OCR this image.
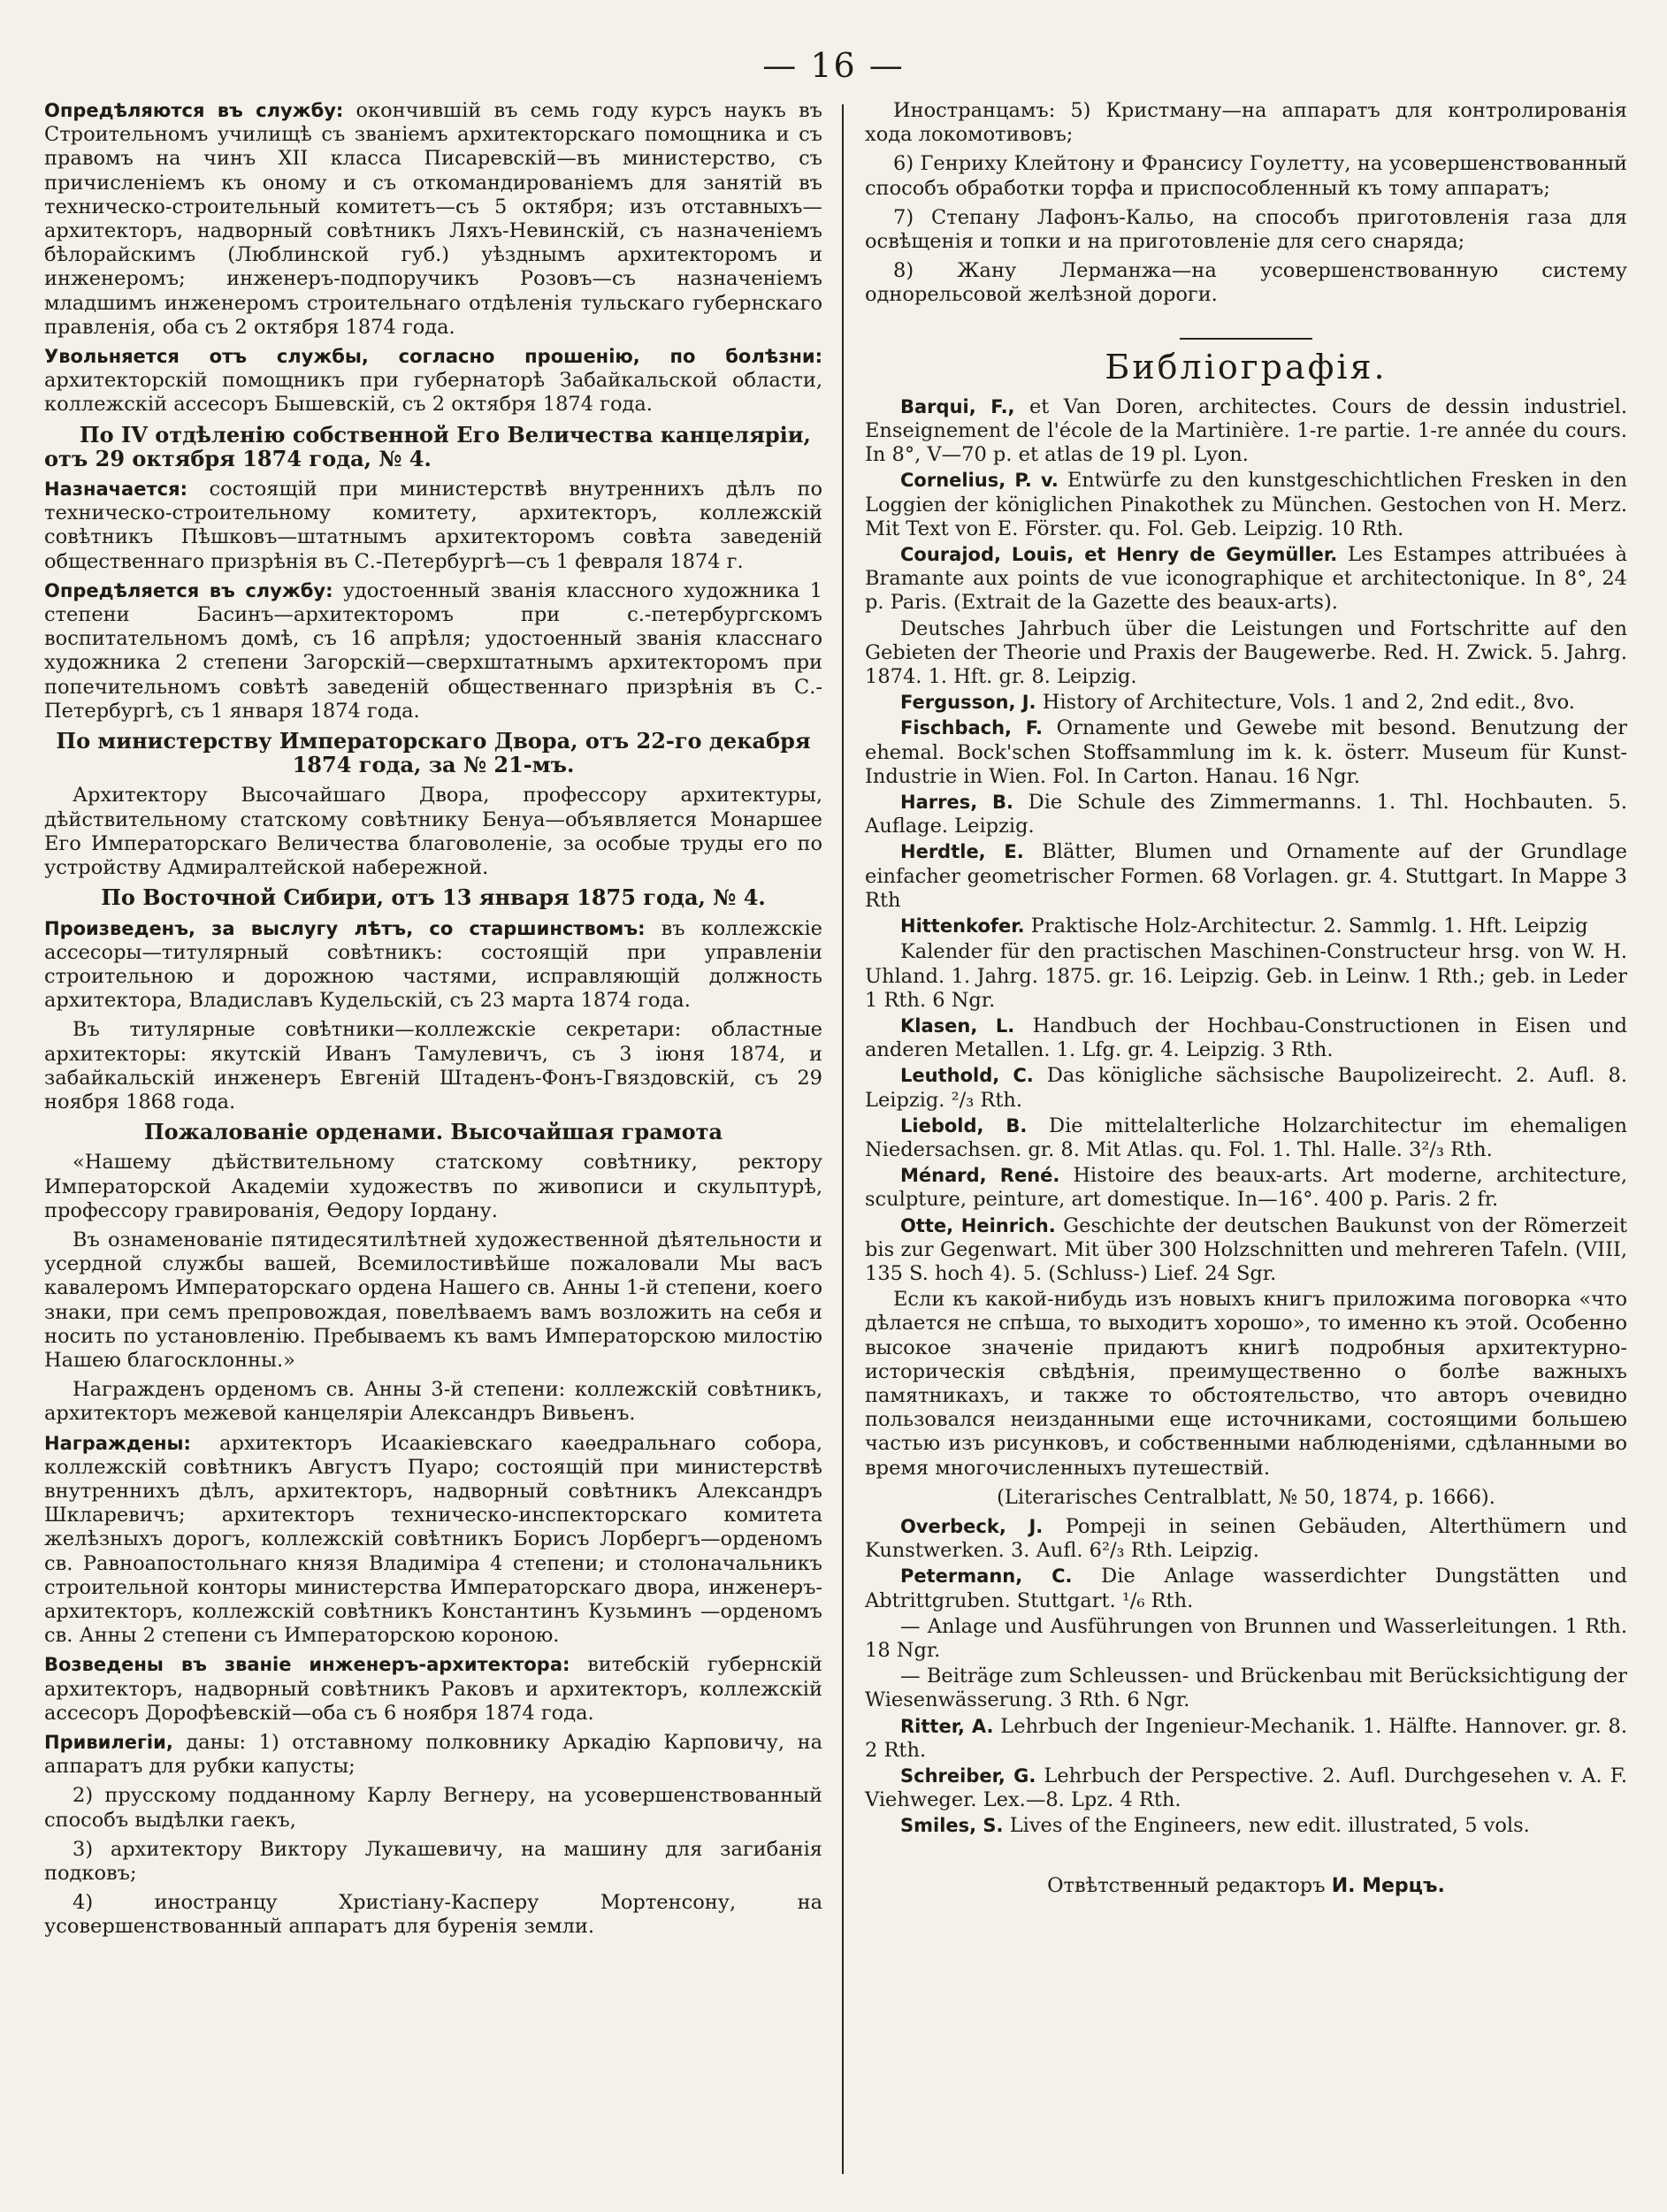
— 16 —

Опредѣляются въ службу: окончившій въ семь году курсъ наукъ въ Строительномъ училищѣ съ званіемъ архитекторскаго помощника и съ правомъ на чинъ XII класса Писаревскій—въ министерство, съ причисленіемъ къ оному и съ откомандированіемъ для занятій въ техническо-строительный комитетъ—съ 5 октября; изъ отставныхъ—архитекторъ, надворный совѣтникъ Ляхъ-Невинскій, съ назначеніемъ бѣлорайскимъ (Люблинской губ.) уѣзднымъ архитекторомъ и инженеромъ; инженеръ-подпоручикъ Розовъ—съ назначеніемъ младшимъ инженеромъ строительнаго отдѣленія тульскаго губернскаго правленія, оба съ 2 октября 1874 года.

Увольняется отъ службы, согласно прошенію, по болѣзни: архитекторскій помощникъ при губернаторѣ Забайкальской области, коллежскій ассесоръ Бышевскій, съ 2 октября 1874 года.

По IV отдѣленію собственной Его Величества канцеляріи, отъ 29 октября 1874 года, № 4.

Назначается: состоящій при министерствѣ внутреннихъ дѣлъ по техническо-строительному комитету, архитекторъ, коллежскій совѣтникъ Пѣшковъ—штатнымъ архитекторомъ совѣта заведеній общественнаго призрѣнія въ С.-Петербургѣ—съ 1 февраля 1874 г.

Опредѣляется въ службу: удостоенный званія классного художника 1 степени Басинъ—архитекторомъ при с.-петербургскомъ воспитательномъ домѣ, съ 16 апрѣля; удостоенный званія класснаго художника 2 степени Загорскій—сверхштатнымъ архитекторомъ при попечительномъ совѣтѣ заведеній общественнаго призрѣнія въ С.-Петербургѣ, съ 1 января 1874 года.

По министерству Императорскаго Двора, отъ 22-го декабря 1874 года, за № 21-мъ.

Архитектору Высочайшаго Двора, профессору архитектуры, дѣйствительному статскому совѣтнику Бенуа—объявляется Монаршее Его Императорскаго Величества благоволеніе, за особые труды его по устройству Адмиралтейской набережной.

По Восточной Сибири, отъ 13 января 1875 года, № 4.

Произведенъ, за выслугу лѣтъ, со старшинствомъ: въ коллежскіе ассесоры—титулярный совѣтникъ: состоящій при управленіи строительною и дорожною частями, исправляющій должность архитектора, Владиславъ Кудельскій, съ 23 марта 1874 года.

Въ титулярные совѣтники—коллежскіе секретари: областные архитекторы: якутскій Иванъ Тамулевичъ, съ 3 іюня 1874, и забайкальскій инженеръ Евгеній Штаденъ-Фонъ-Гвяздовскій, съ 29 ноября 1868 года.

Пожалованіе орденами. Высочайшая грамота

«Нашему дѣйствительному статскому совѣтнику, ректору Императорской Академіи художествъ по живописи и скульптурѣ, профессору гравированія, Ѳедору Іордану.

Въ ознаменованіе пятидесятилѣтней художественной дѣятельности и усердной службы вашей, Всемилостивѣйше пожаловали Мы васъ кавалеромъ Императорскаго ордена Нашего св. Анны 1-й степени, коего знаки, при семъ препровождая, повелѣваемъ вамъ возложить на себя и носить по установленію. Пребываемъ къ вамъ Императорскою милостію Нашею благосклонны.»

Награжденъ орденомъ св. Анны 3-й степени: коллежскій совѣтникъ, архитекторъ межевой канцеляріи Александръ Вивьенъ.

Награждены: архитекторъ Исаакіевскаго каѳедральнаго собора, коллежскій совѣтникъ Августъ Пуаро; состоящій при министерствѣ внутреннихъ дѣлъ, архитекторъ, надворный совѣтникъ Александръ Шкларевичъ; архитекторъ техническо-инспекторскаго комитета желѣзныхъ дорогъ, коллежскій совѣтникъ Борисъ Лорбергъ—орденомъ св. Равноапостольнаго князя Владиміра 4 степени; и столоначальникъ строительной конторы министерства Императорскаго двора, инженеръ-архитекторъ, коллежскій совѣтникъ Константинъ Кузьминъ —орденомъ св. Анны 2 степени съ Императорскою короною.

Возведены въ званіе инженеръ-архитектора: витебскій губернскій архитекторъ, надворный совѣтникъ Раковъ и архитекторъ, коллежскій ассесоръ Дорофѣевскій—оба съ 6 ноября 1874 года.

Привилегіи, даны: 1) отставному полковнику Аркадію Карповичу, на аппаратъ для рубки капусты;

2) прусскому подданному Карлу Вегнеру, на усовершенствованный способъ выдѣлки гаекъ,

3) архитектору Виктору Лукашевичу, на машину для загибанія подковъ;

4) иностранцу Христіану-Касперу Мортенсону, на усовершенствованный аппаратъ для буренія земли.

Иностранцамъ: 5) Кристману—на аппаратъ для контролированія хода локомотивовъ;

6) Генриху Клейтону и Франсиcу Гоулетту, на усовершенствованный способъ обработки торфа и приспособленный къ тому аппаратъ;

7) Степану Лафонъ-Кальо, на способъ приготовленія газа для освѣщенія и топки и на приготовленіе для сего снаряда;

8) Жану Лерманжа—на усовершенствованную систему однорельсовой желѣзной дороги.

Библіографія.

Barqui, F., et Van Doren, architectes. Cours de dessin industriel. Enseignement de l'école de la Martinière. 1-re partie. 1-re année du cours. In 8°, V—70 p. et atlas de 19 pl. Lyon.

Cornelius, P. v. Entwürfe zu den kunstgeschichtlichen Fresken in den Loggien der königlichen Pinakothek zu München. Gestochen von H. Merz. Mit Text von E. Förster. qu. Fol. Geb. Leipzig. 10 Rth.

Courajod, Louis, et Henry de Geymüller. Les Estampes attribuées à Bramante aux points de vue iconographique et architectonique. In 8°, 24 p. Paris. (Extrait de la Gazette des beaux-arts).

Deutsches Jahrbuch über die Leistungen und Fortschritte auf den Gebieten der Theorie und Praxis der Baugewerbe. Red. H. Zwick. 5. Jahrg. 1874. 1. Hft. gr. 8. Leipzig.

Fergusson, J. History of Architecture, Vols. 1 and 2, 2nd edit., 8vo.

Fischbach, F. Ornamente und Gewebe mit besond. Benutzung der ehemal. Bock'schen Stoffsammlung im k. k. österr. Museum für Kunst-Industrie in Wien. Fol. In Carton. Hanau. 16 Ngr.

Harres, B. Die Schule des Zimmermanns. 1. Thl. Hochbauten. 5. Auflage. Leipzig.

Herdtle, E. Blätter, Blumen und Ornamente auf der Grundlage einfacher geometrischer Formen. 68 Vorlagen. gr. 4. Stuttgart. In Mappe 3 Rth

Hittenkofer. Praktische Holz-Architectur. 2. Sammlg. 1. Hft. Leipzig

Kalender für den practischen Maschinen-Constructeur hrsg. von W. H. Uhland. 1. Jahrg. 1875. gr. 16. Leipzig. Geb. in Leinw. 1 Rth.; geb. in Leder 1 Rth. 6 Ngr.

Klasen, L. Handbuch der Hochbau-Constructionen in Eisen und anderen Metallen. 1. Lfg. gr. 4. Leipzig. 3 Rth.

Leuthold, C. Das königliche sächsische Baupolizeirecht. 2. Aufl. 8. Leipzig. ²/₃ Rth.

Liebold, B. Die mittelalterliche Holzarchitectur im ehemaligen Niedersachsen. gr. 8. Mit Atlas. qu. Fol. 1. Thl. Halle. 3²/₃ Rth.

Ménard, René. Histoire des beaux-arts. Art moderne, architecture, sculpture, peinture, art domestique. In—16°. 400 p. Paris. 2 fr.

Otte, Heinrich. Geschichte der deutschen Baukunst von der Römerzeit bis zur Gegenwart. Mit über 300 Holzschnitten und mehreren Tafeln. (VIII, 135 S. hoch 4). 5. (Schluss-) Lief. 24 Sgr.

Если къ какой-нибудь изъ новыхъ книгъ приложима поговорка «что дѣлается не спѣша, то выходитъ хорошо», то именно къ этой. Особенно высокое значеніе придаютъ книгѣ подробныя архитектурно-историческія свѣдѣнія, преимущественно о болѣе важныхъ памятникахъ, и также то обстоятельство, что авторъ очевидно пользовался неизданными еще источниками, состоящими большею частью изъ рисунковъ, и собственными наблюденіями, сдѣланными во время многочисленныхъ путешествій.

(Literarisches Centralblatt, № 50, 1874, p. 1666).

Overbeck, J. Pompeji in seinen Gebäuden, Alterthümern und Kunstwerken. 3. Aufl. 6²/₃ Rth. Leipzig.

Petermann, C. Die Anlage wasserdichter Dungstätten und Abtrittgruben. Stuttgart. ¹/₆ Rth.

— Anlage und Ausführungen von Brunnen und Wasserleitungen. 1 Rth. 18 Ngr.

— Beiträge zum Schleussen- und Brückenbau mit Berücksichtigung der Wiesenwässerung. 3 Rth. 6 Ngr.

Ritter, A. Lehrbuch der Ingenieur-Mechanik. 1. Hälfte. Hannover. gr. 8. 2 Rth.

Schreiber, G. Lehrbuch der Perspective. 2. Aufl. Durchgesehen v. A. F. Viehweger. Lex.—8. Lpz. 4 Rth.

Smiles, S. Lives of the Engineers, new edit. illustrated, 5 vols.

Отвѣтственный редакторъ И. Мерцъ.
